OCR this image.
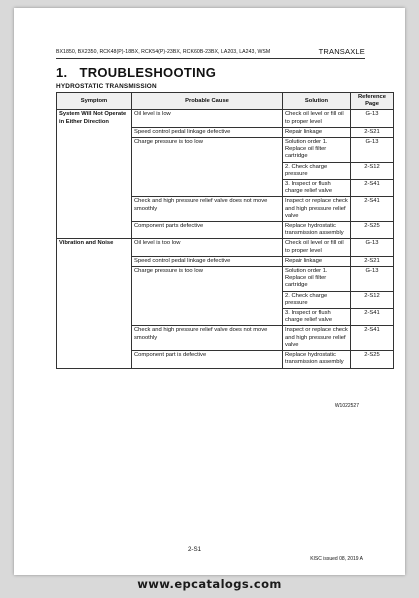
BX1850, BX2350, RCK48(P)-18BX, RCK54(P)-23BX, RCK60B-23BX, LA203, LA243, WSM	TRANSAXLE
1. TROUBLESHOOTING
HYDROSTATIC TRANSMISSION
Symptom	Probable Cause	Solution	Reference Page
System Will Not Operate in Either Direction	Oil level is low	Check oil level or fill oil to proper level	G-13
	Speed control pedal linkage defective	Repair linkage	2-S21
	Charge pressure is too low	Solution order 1. Replace oil filter cartridge	G-13
		2. Check charge pressure	2-S12
		3. Inspect or flush charge relief valve	2-S41
	Check and high pressure relief valve does not move smoothly	Inspect or replace check and high pressure relief valve	2-S41
	Component parts defective	Replace hydrostatic transmission assembly	2-S25
Vibration and Noise	Oil level is too low	Check oil level or fill oil to proper level	G-13
	Speed control pedal linkage defective	Repair linkage	2-S21
	Charge pressure is too low	Solution order 1. Replace oil filter cartridge	G-13
		2. Check charge pressure	2-S12
		3. Inspect or flush charge relief valve	2-S41
	Check and high pressure relief valve does not move smoothly	Inspect or replace check and high pressure relief valve	2-S41
	Component part is defective	Replace hydrostatic transmission assembly	2-S25
W1022527
2-S1
KISC issued 08, 2019 A
www.epcatalogs.com
